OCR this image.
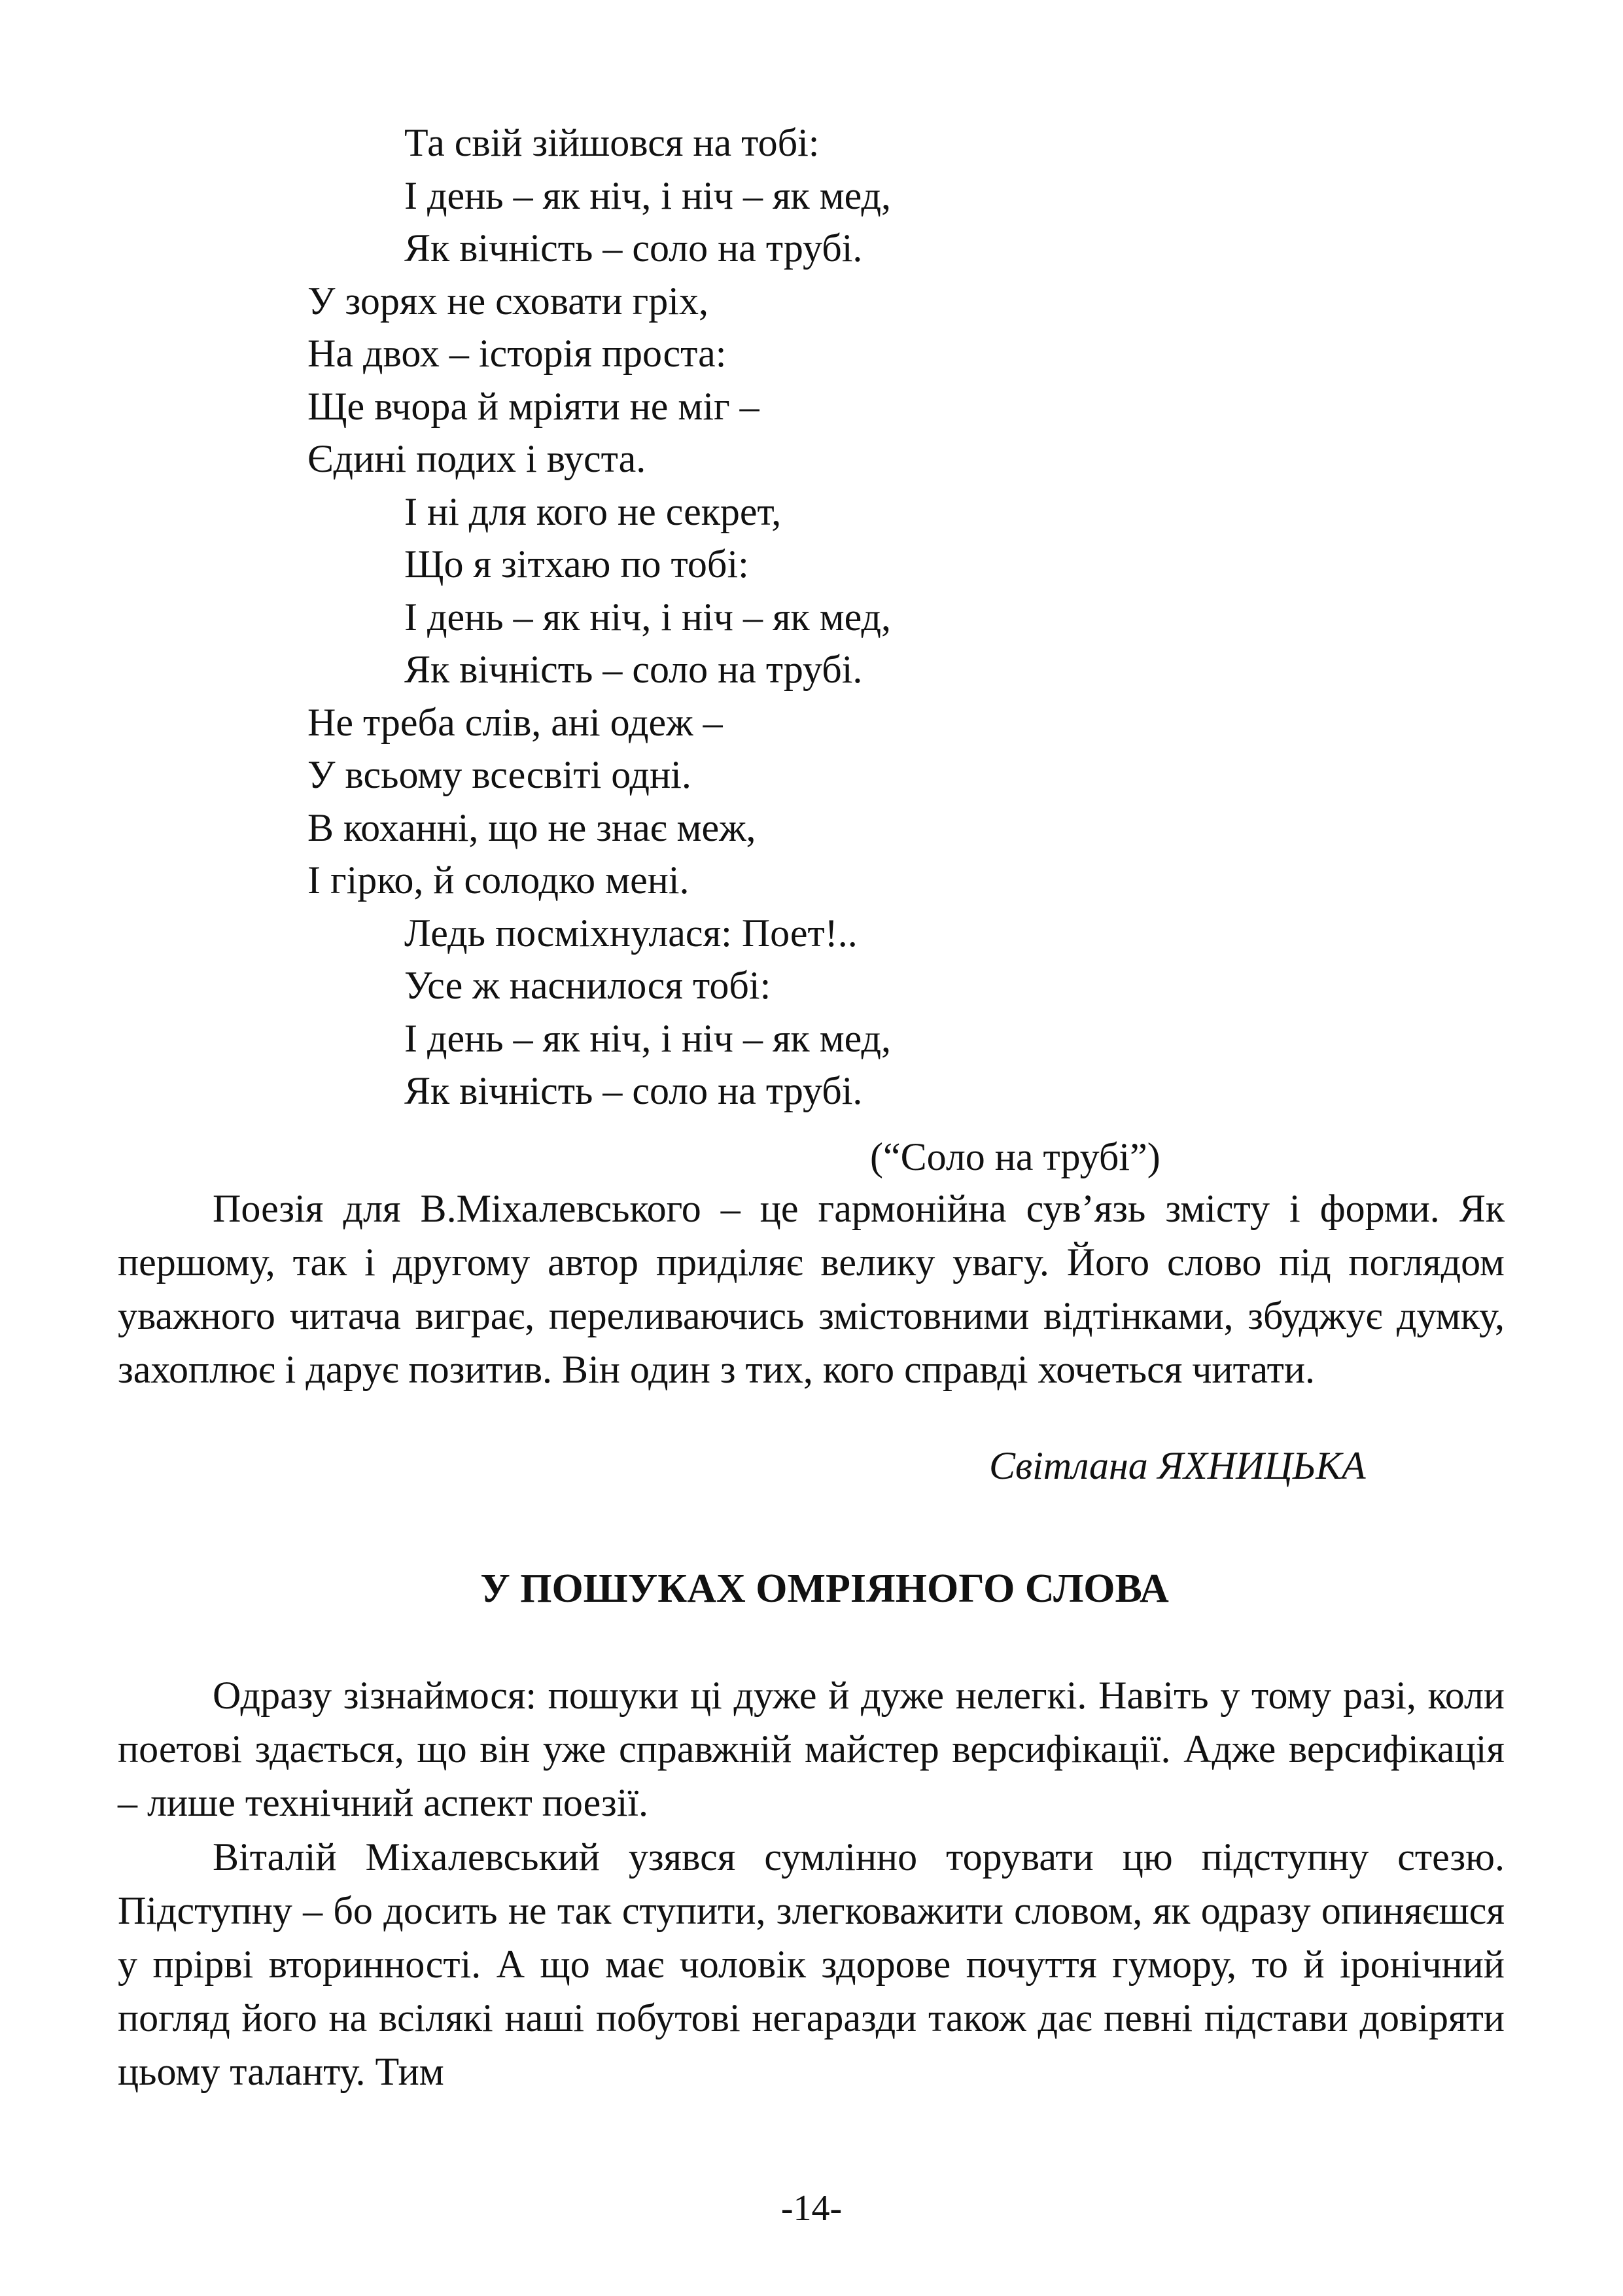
Та свій зійшовся на тобі:
І день – як ніч, і ніч – як мед,
Як вічність – соло на трубі.
У зорях не сховати гріх,
На двох – історія проста:
Ще вчора й мріяти не міг –
Єдині подих і вуста.
І ні для кого не секрет,
Що я зітхаю по тобі:
І день – як ніч, і ніч – як мед,
Як вічність – соло на трубі.
Не треба слів, ані одеж –
У всьому всесвіті одні.
В коханні, що не знає меж,
І гірко, й солодко мені.
Ледь посміхнулася: Поет!..
Усе ж наснилося тобі:
І день – як ніч, і ніч – як мед,
Як вічність – соло на трубі.
(“Соло на трубі”)

Поезія для В.Міхалевського – це гармонійна сув’язь змісту і форми. Як першому, так і другому автор приділяє велику увагу. Його слово під поглядом уважного читача виграє, переливаючись змістовними відтінками, збуджує думку, захоплює і дарує позитив. Він один з тих, кого справді хочеться читати.

Світлана ЯХНИЦЬКА
У ПОШУКАХ ОМРІЯНОГО СЛОВА

Одразу зізнаймося: пошуки ці дуже й дуже нелегкі. Навіть у тому разі, коли поетові здається, що він уже справжній майстер версифікації. Адже версифікація – лише технічний аспект поезії.

Віталій Міхалевський узявся сумлінно торувати цю підступну стезю. Підступну – бо досить не так ступити, злегковажити словом, як одразу опиняєшся у прірві вторинності. А що має чоловік здорове почуття гумору, то й іронічний погляд його на всілякі наші побутові негаразди також дає певні підстави довіряти цьому таланту. Тим

-14-
